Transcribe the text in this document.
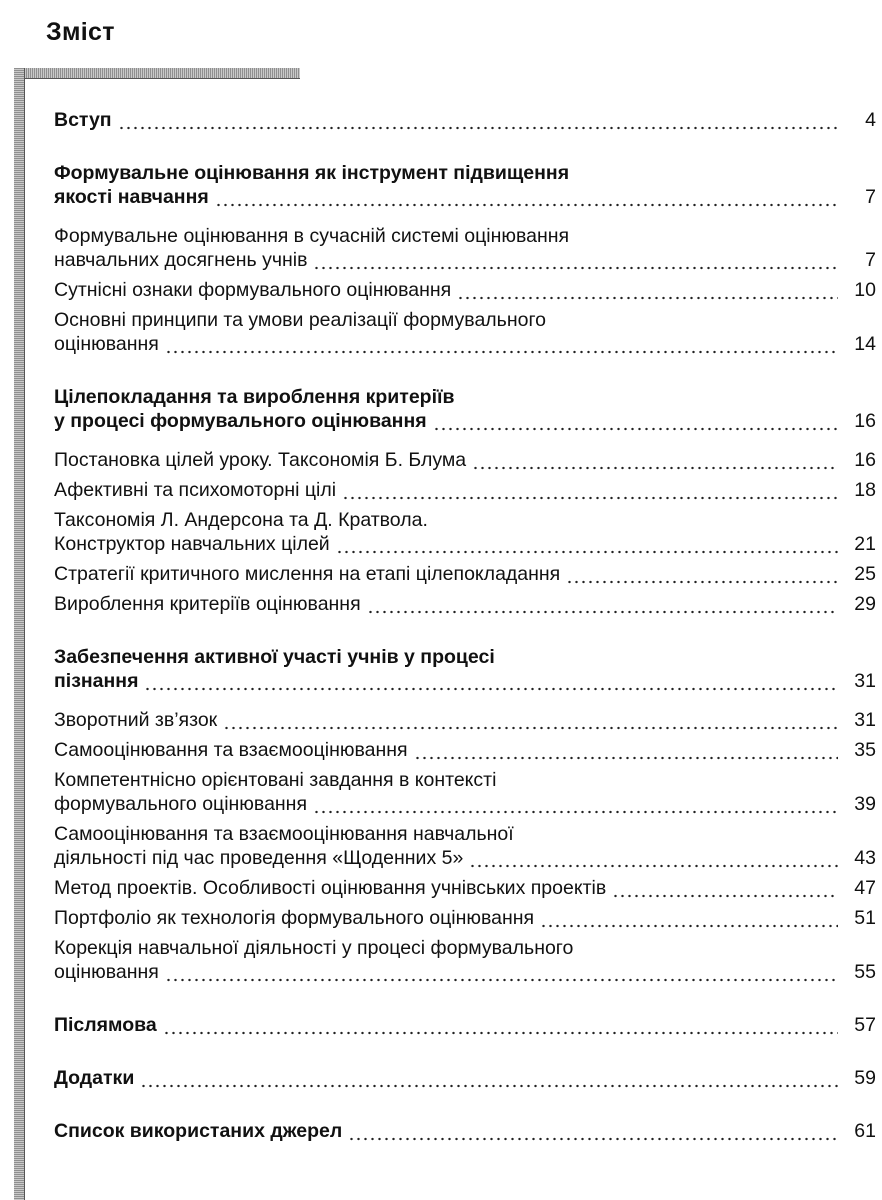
Зміст
Вступ	4
Формувальне оцінювання як інструмент підвищення
якості навчання	7
Формувальне оцінювання в сучасній системі оцінювання
навчальних досягнень учнів	7
Сутнісні ознаки формувального оцінювання	10
Основні принципи та умови реалізації формувального
оцінювання	14
Цілепокладання та вироблення критеріїв
у процесі формувального оцінювання	16
Постановка цілей уроку. Таксономія Б. Блума	16
Афективні та психомоторні цілі	18
Таксономія Л. Андерсона та Д. Кратвола.
Конструктор навчальних цілей	21
Стратегії критичного мислення на етапі цілепокладання	25
Вироблення критеріїв оцінювання	29
Забезпечення активної участі учнів у процесі
пізнання	31
Зворотний зв’язок	31
Самооцінювання та взаємооцінювання	35
Компетентнісно орієнтовані завдання в контексті
формувального оцінювання	39
Самооцінювання та взаємооцінювання навчальної
діяльності під час проведення «Щоденних 5»	43
Метод проектів. Особливості оцінювання учнівських проектів	47
Портфоліо як технологія формувального оцінювання	51
Корекція навчальної діяльності у процесі формувального
оцінювання	55
Післямова	57
Додатки	59
Список використаних джерел	61
